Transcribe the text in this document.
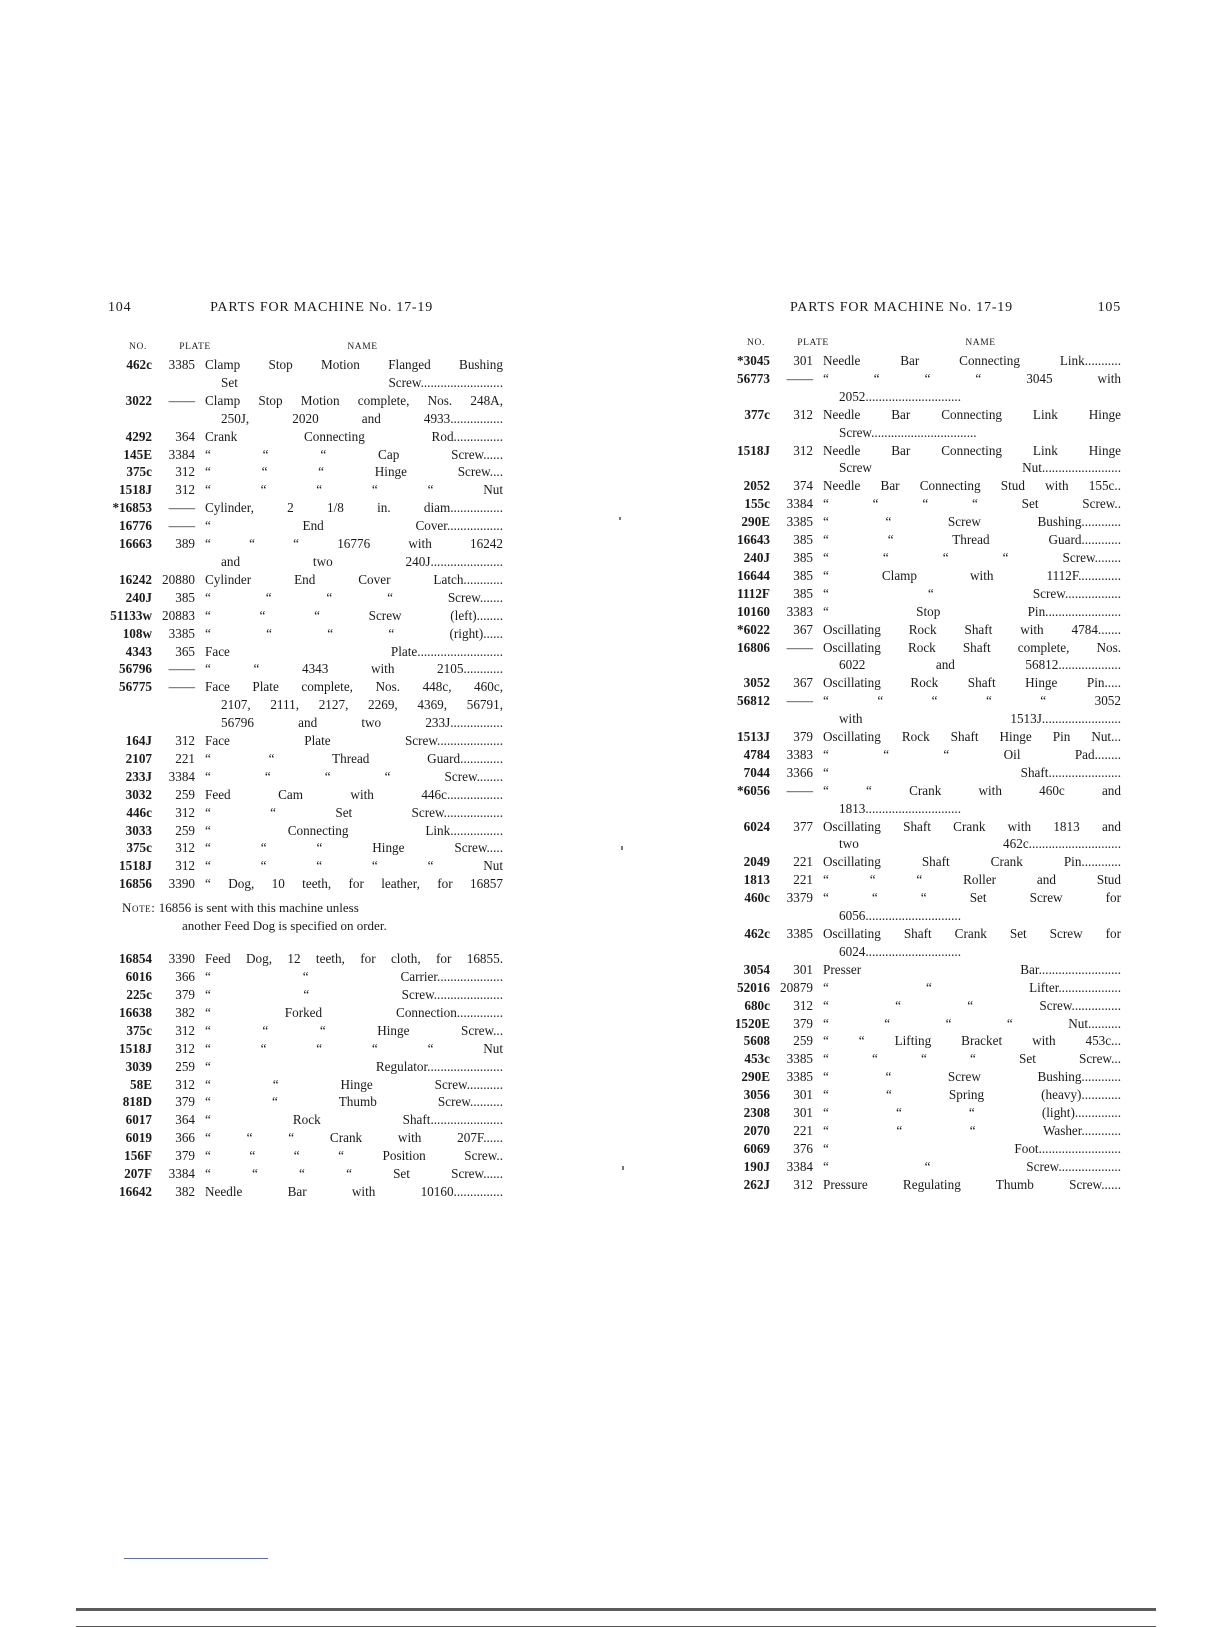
104	PARTS FOR MACHINE No. 17-19
NO.	PLATE	NAME
462c	3385 Clamp Stop Motion Flanged Bushing
Set Screw.........................
3022	—— Clamp Stop Motion complete, Nos. 248A,
250J, 2020 and 4933................
4292	364 Crank Connecting Rod...............
145E	3384 “ “ “ Cap Screw......
375c	312 “ “ “ Hinge Screw....
1518J	312 “ “ “ “ “ Nut
*16853	—— Cylinder, 2 1/8 in. diam................
16776	—— “ End Cover.................
16663	389 “ “ “ 16776 with 16242
and two 240J......................
16242 20880 Cylinder End Cover Latch............
240J	385 “ “ “ “ Screw.......
51133w 20883 “ “ “ Screw (left)........
108w	3385 “ “ “ “ (right)......
4343	365 Face Plate..........................
56796	—— “ “ 4343 with 2105............
56775	—— Face Plate complete, Nos. 448c, 460c,
2107, 2111, 2127, 2269, 4369, 56791,
56796 and two 233J................
164J	312 Face Plate Screw....................
2107	221 “ “ Thread Guard.............
233J	3384 “ “ “ “ Screw........
3032	259 Feed Cam with 446c.................
446c	312 “ “ Set Screw..................
3033	259 “ Connecting Link................
375c	312 “ “ “ Hinge Screw.....
1518J	312 “ “ “ “ “ Nut
16856	3390 “ Dog, 10 teeth, for leather, for 16857
Note: 16856 is sent with this machine unless
another Feed Dog is specified on order.
16854	3390 Feed Dog, 12 teeth, for cloth, for 16855.
6016	366 “ “ Carrier....................
225c	379 “ “ Screw.....................
16638	382 “ Forked Connection..............
375c	312 “ “ “ Hinge Screw...
1518J	312 “ “ “ “ “ Nut
3039	259 “ Regulator.......................
58E	312 “ “ Hinge Screw...........
818D	379 “ “ Thumb Screw..........
6017	364 “ Rock Shaft......................
6019	366 “ “ “ Crank with 207F......
156F	379 “ “ “ “ Position Screw..
207F	3384 “ “ “ “ Set Screw......
16642	382 Needle Bar with 10160...............
PARTS FOR MACHINE No. 17-19	105
NO.	PLATE	NAME
*3045	301 Needle Bar Connecting Link...........
56773	—— “ “ “ “ 3045 with
2052.............................
377c	312 Needle Bar Connecting Link Hinge
Screw................................
1518J	312 Needle Bar Connecting Link Hinge
Screw Nut........................
2052	374 Needle Bar Connecting Stud with 155c..
155c	3384 “ “ “ “ Set Screw..
290E	3385 “ “ Screw Bushing............
16643	385 “ “ Thread Guard............
240J	385 “ “ “ “ Screw........
16644	385 “ Clamp with 1112F.............
1112F	385 “ “ Screw.................
10160	3383 “ Stop Pin.......................
*6022	367 Oscillating Rock Shaft with 4784.......
16806	—— Oscillating Rock Shaft complete, Nos.
6022 and 56812...................
3052	367 Oscillating Rock Shaft Hinge Pin.....
56812	—— “ “ “ “ “ 3052
with 1513J........................
1513J	379 Oscillating Rock Shaft Hinge Pin Nut...
4784	3383 “ “ “ Oil Pad........
7044	3366 “ Shaft......................
*6056	—— “ “ Crank with 460c and
1813.............................
6024	377 Oscillating Shaft Crank with 1813 and
two 462c............................
2049	221 Oscillating Shaft Crank Pin............
1813	221 “ “ “ Roller and Stud
460c	3379 “ “ “ Set Screw for
6056.............................
462c	3385 Oscillating Shaft Crank Set Screw for
6024.............................
3054	301 Presser Bar.........................
52016 20879 “ “ Lifter...................
680c	312 “ “ “ Screw...............
1520E	379 “ “ “ “ Nut..........
5608	259 “ “ Lifting Bracket with 453c...
453c	3385 “ “ “ “ Set Screw...
290E	3385 “ “ Screw Bushing............
3056	301 “ “ Spring (heavy)............
2308	301 “ “ “ (light)..............
2070	221 “ “ “ Washer............
6069	376 “ Foot.........................
190J	3384 “ “ Screw...................
262J	312 Pressure Regulating Thumb Screw......
